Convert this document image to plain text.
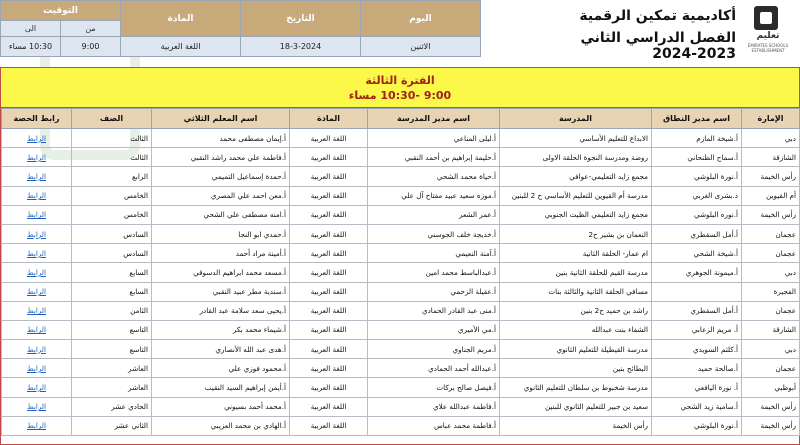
اليوم	التاريخ	المادة	التوقيت	
			من	الى
الاثنين	18-3-2024	اللغة العربية	9:00	10:30 مساء
أكاديمية تمكين الرقمية
الفصل الدراسي الثاني 2023-2024
تعليم
EMIRATES SCHOOLS ESTABLISHMENT
الفترة الثالثة
9:00 -10:30 مساء
الإمارة	اسم مدير النطاق	المدرسة	اسم مدير المدرسة	المادة	اسم المعلم الثلاثي	الصف	رابط الحصة
دبي	أ.شيخة المازم	الابداع للتعليم الأساسي	أ.ليلى المناعي	اللغة العربية	أ.إيمان مصطفى محمد	الثالث	الرابط
الشارقة	أ.سماح الظنحاني	روضة ومدرسة النجوة الحلقة الاولى	أ.حليمة إبراهيم بن أحمد النقبي	اللغة العربية	أ.فاطمة علي محمد راشد النقبي	الثالث	الرابط
رأس الخيمة	أ.نورة البلوشي	مجمع زايد التعليمي-عوافي	أ.حياة محمد الشحي	اللغة العربية	أ.حمدة إسماعيل التميمي	الرابع	الرابط
أم القيوين	د.بشرى الغربي	مدرسة أم القيوين للتعليم الأساسي ح 2 للبنين	أ.موزه سعيد عبيد مفتاح آل علي	اللغة العربية	أ.معن احمد علي المصري	الخامس	الرابط
رأس الخيمة	أ.نوره البلوشي	مجمع زايد التعليمي الظيت الجنوبي	أ.عمر الشعر	اللغة العربية	أ.امنه مصطفى علي الشحي	الخامس	الرابط
عجمان	أ.أمل السقطري	النعمان بن بشير ح2	أ.خديجة خلف الجوسني	اللغة العربية	أ.حمدي ابو النجا	السادس	الرابط
عجمان	أ.شيخة الشحي	ام عمار- الحلقة الثانية	أ.آمنة النعيمي	اللغة العربية	أ.أمينة مراد أحمد	السادس	الرابط
دبي	أ.ميمونة الجوهري	مدرسة القيم للحلقة الثانية بنين	أ.عبدالباسط محمد امين	اللغة العربية	أ.مسعد محمد ابراهيم الدسوقي	السابع	الرابط
الفجيرة		مسافي الحلقة الثانية والثالثة بنات	أ.عقيلة الزحمي	اللغة العربية	أ.سندية مطر عبيد النقبي	السابع	الرابط
عجمان	أ.أمل السقطري	راشد بن حميد ح2 بنين	أ.منى عبد القادر الحمادي	اللغة العربية	أ.يحيى سعد سلامة عبد القادر	الثامن	الرابط
الشارقة	أ. مريم الزعابي	الشفاء بنت عبدالله	أ.مي الأميري	اللغة العربية	أ.شيماء محمد بكر	التاسع	الرابط
دبي	أ.كلثم السويدي	مدرسة القيطيلة للتعليم الثانوي	أ.مريم الجناوي	اللغة العربية	أ.هدى عبد الله الأنصاري	التاسع	الرابط
عجمان	أ.صالحة حميد	البطائح بنين	أ.عبدالله أحمد الحمادي	اللغة العربية	أ.محمود فوزي علي	العاشر	الرابط
أبوظبي	أ. نورة اليافعي	مدرسة شخبوط بن سلطان للتعليم الثانوي	أ.فيصل صالح بركات	اللغة العربية	أ.أيمن إبراهيم السيد النقيب	العاشر	الرابط
رأس الخيمة	أ.سامية زيد الشحي	سعيد بن جبير للتعليم الثانوي للبنين	أ.فاطمة عبدالله علاي	اللغة العربية	أ.محمد أحمد بسيوني	الحادي عشر	الرابط
رأس الخيمة	أ.نورة البلوشي	رأس الخيمة	أ.فاطمة محمد عباس	اللغة العربية	أ.الهادي بن محمد العزيبي	الثاني عشر	الرابط
